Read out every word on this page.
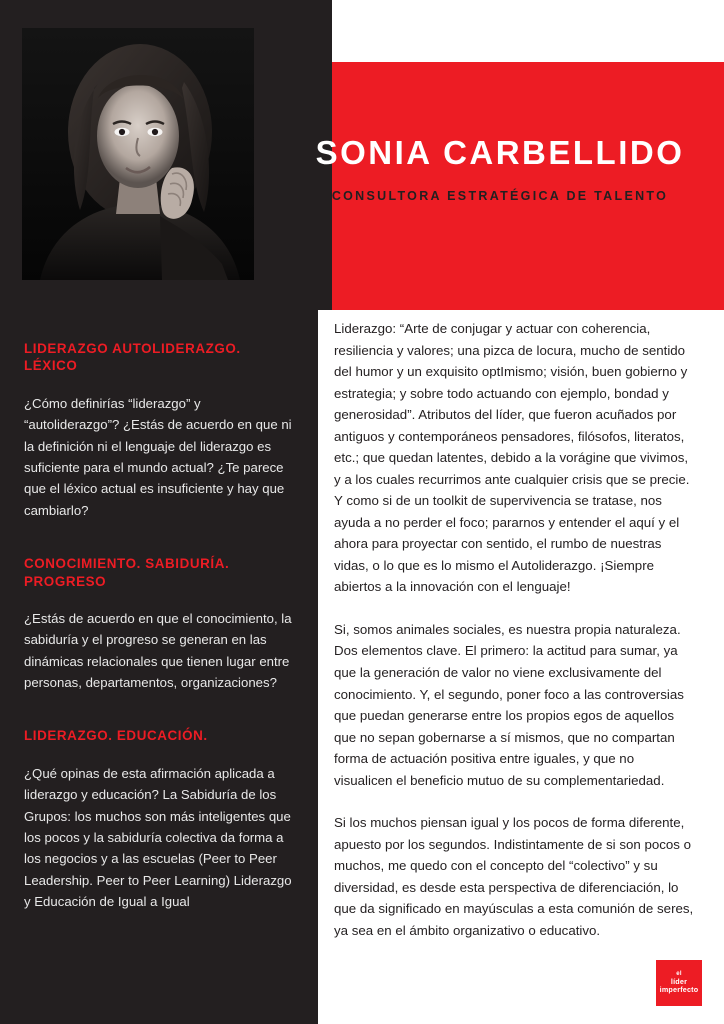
SONIA CARBELLIDO
CONSULTORA ESTRATÉGICA DE TALENTO
LIDERAZGO AUTOLIDERAZGO. LÉXICO
¿Cómo definirías “liderazgo” y “autoliderazgo”? ¿Estás de acuerdo en que ni la definición ni el lenguaje del liderazgo es suficiente para el mundo actual? ¿Te parece que el léxico actual es insuficiente y hay que cambiarlo?
CONOCIMIENTO. SABIDURÍA. PROGRESO
¿Estás de acuerdo en que el conocimiento, la sabiduría y el progreso se generan en las dinámicas relacionales que tienen lugar entre personas, departamentos, organizaciones?
LIDERAZGO. EDUCACIÓN.
¿Qué opinas de esta afirmación aplicada a liderazgo y educación? La Sabiduría de los Grupos: los muchos son más inteligentes que los pocos y la sabiduría colectiva da forma a los negocios y a las escuelas (Peer to Peer Leadership. Peer to Peer Learning) Liderazgo y Educación de Igual a Igual

Liderazgo: “Arte de conjugar y actuar con coherencia, resiliencia y valores; una pizca de locura, mucho de sentido del humor y un exquisito optImismo; visión, buen gobierno y estrategia; y sobre todo actuando con ejemplo, bondad y generosidad”. Atributos del líder, que fueron acuñados por antiguos y contemporáneos pensadores, filósofos, literatos, etc.; que quedan latentes, debido a la vorágine que vivimos, y a los cuales recurrimos ante cualquier crisis que se precie. Y como si de un toolkit de supervivencia se tratase, nos ayuda a no perder el foco; pararnos y entender el aquí y el ahora para proyectar con sentido, el rumbo de nuestras vidas, o lo que es lo mismo el Autoliderazgo. ¡Siempre abiertos a la innovación con el lenguaje!

Si, somos animales sociales, es nuestra propia naturaleza. Dos elementos clave. El primero: la actitud para sumar, ya que la generación de valor no viene exclusivamente del conocimiento. Y, el segundo, poner foco a las controversias que puedan generarse entre los propios egos de aquellos que no sepan gobernarse a sí mismos, que no compartan forma de actuación positiva entre iguales, y que no visualicen el beneficio mutuo de su complementariedad.

Si los muchos piensan igual y los pocos de forma diferente, apuesto por los segundos. Indistintamente de si son pocos o muchos, me quedo con el concepto del “colectivo” y su diversidad, es desde esta perspectiva de diferenciación, lo que da significado en mayúsculas a esta comunión de seres, ya sea en el ámbito organizativo o educativo.

el
líder imperfecto
